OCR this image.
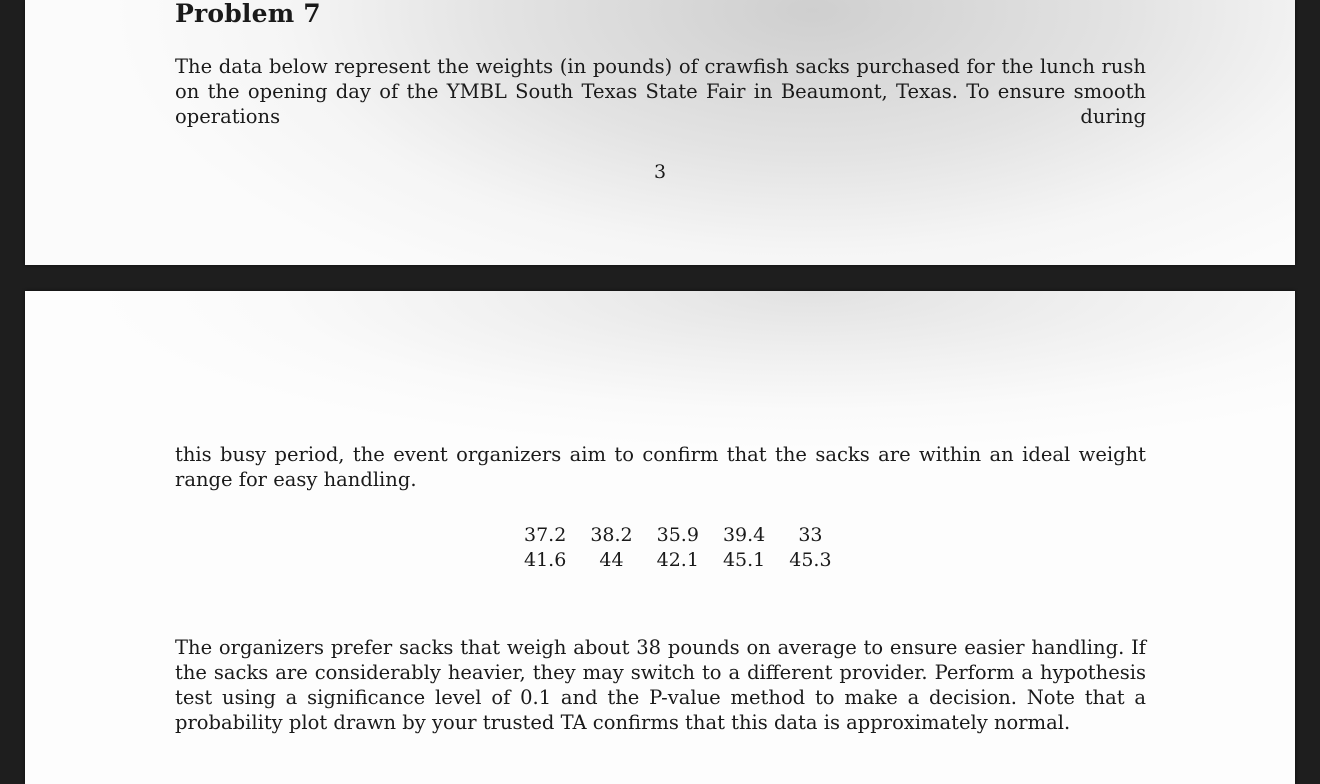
Problem 7

The data below represent the weights (in pounds) of crawfish sacks purchased for the lunch rush on the opening day of the YMBL South Texas State Fair in Beaumont, Texas. To ensure smooth operations during

3

this busy period, the event organizers aim to confirm that the sacks are within an ideal weight range for easy handling.

37.2	38.2	35.9	39.4	33
41.6	44	42.1	45.1	45.3

The organizers prefer sacks that weigh about 38 pounds on average to ensure easier handling. If the sacks are considerably heavier, they may switch to a different provider. Perform a hypothesis test using a significance level of 0.1 and the P-value method to make a decision. Note that a probability plot drawn by your trusted TA confirms that this data is approximately normal.
